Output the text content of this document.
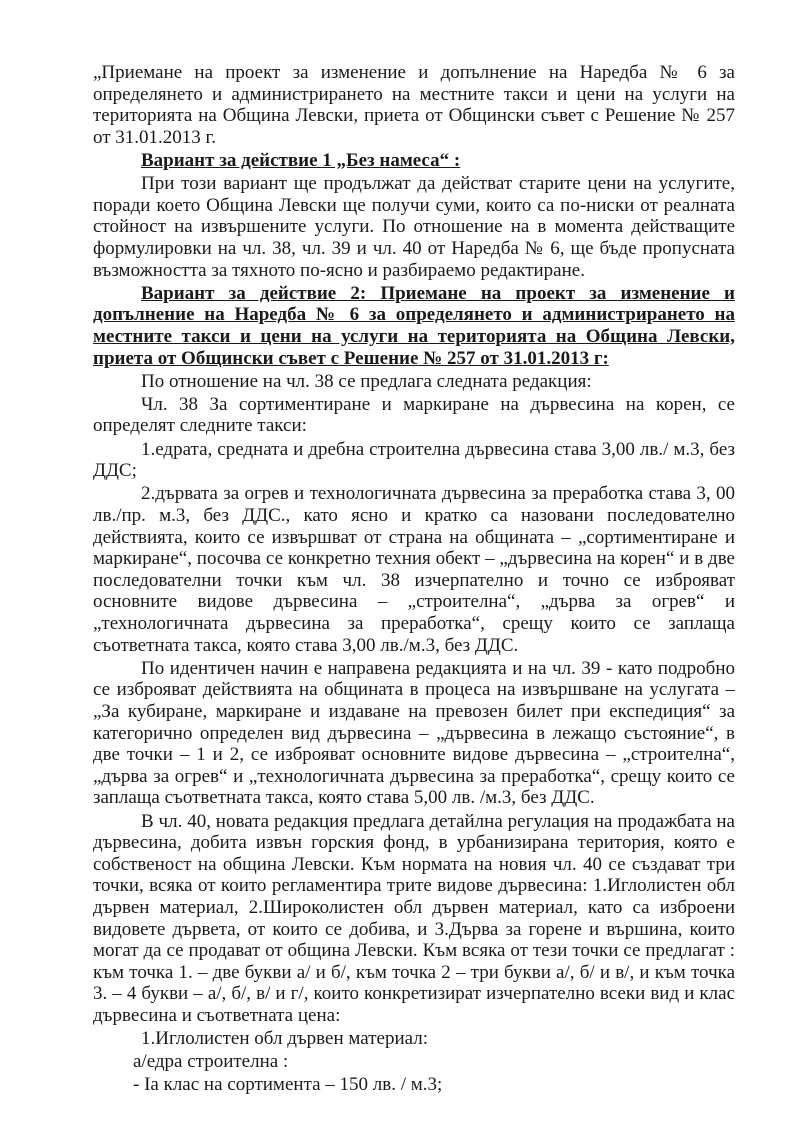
„Приемане на проект за изменение и допълнение на Наредба № 6 за определянето и администрирането на местните такси и цени на услуги на територията на Община Левски, приета от Общински съвет с Решение № 257 от 31.01.2013 г.

Вариант за действие 1 „Без намеса“ :

При този вариант ще продължат да действат старите цени на услугите, поради което Община Левски ще получи суми, които са по-ниски от реалната стойност на извършените услуги. По отношение на в момента действащите формулировки на чл. 38, чл. 39 и чл. 40 от Наредба № 6, ще бъде пропусната възможността за тяхното по-ясно и разбираемо редактиране.

Вариант за действие 2: Приемане на проект за изменение и допълнение на Наредба № 6 за определянето и администрирането на местните такси и цени на услуги на територията на Община Левски, приета от Общински съвет с Решение № 257 от 31.01.2013 г:

По отношение на чл. 38 се предлага следната редакция:

Чл. 38 За сортиментиране и маркиране на дървесина на корен, се определят следните такси:

1.едрата, средната и дребна строителна дървесина става 3,00 лв./ м.3, без ДДС;

2.дървата за огрев и технологичната дървесина за преработка става 3, 00 лв./пр. м.3, без ДДС., като ясно и кратко са назовани последователно действията, които се извършват от страна на общината – „сортиментиране и маркиране“, посочва се конкретно техния обект – „дървесина на корен“ и в две последователни точки към чл. 38 изчерпателно и точно се изброяват основните видове дървесина – „строителна“, „дърва за огрев“ и „технологичната дървесина за преработка“, срещу които се заплаща съответната такса, която става 3,00 лв./м.3, без ДДС.

По идентичен начин е направена редакцията и на чл. 39 - като подробно се изброяват действията на общината в процеса на извършване на услугата – „За кубиране, маркиране и издаване на превозен билет при експедиция“ за категорично определен вид дървесина – „дървесина в лежащо състояние“, в две точки – 1 и 2, се изброяват основните видове дървесина – „строителна“, „дърва за огрев“ и „технологичната дървесина за преработка“, срещу които се заплаща съответната такса, която става 5,00 лв. /м.3, без ДДС.

В чл. 40, новата редакция предлага детайлна регулация на продажбата на дървесина, добита извън горския фонд, в урбанизирана територия, която е собственост на община Левски. Към нормата на новия чл. 40 се създават три точки, всяка от които регламентира трите видове дървесина: 1.Иглолистен обл дървен материал, 2.Широколистен обл дървен материал, като са изброени видовете дървета, от които се добива, и 3.Дърва за горене и вършина, които могат да се продават от община Левски. Към всяка от тези точки се предлагат : към точка 1. – две букви а/ и б/, към точка 2 – три букви а/, б/ и в/, и към точка 3. – 4 букви – а/, б/, в/ и г/, които конкретизират изчерпателно всеки вид и клас дървесина и съответната цена:

1.Иглолистен обл дървен материал:
а/едра строителна :
- Iа клас на сортимента – 150 лв. / м.3;
